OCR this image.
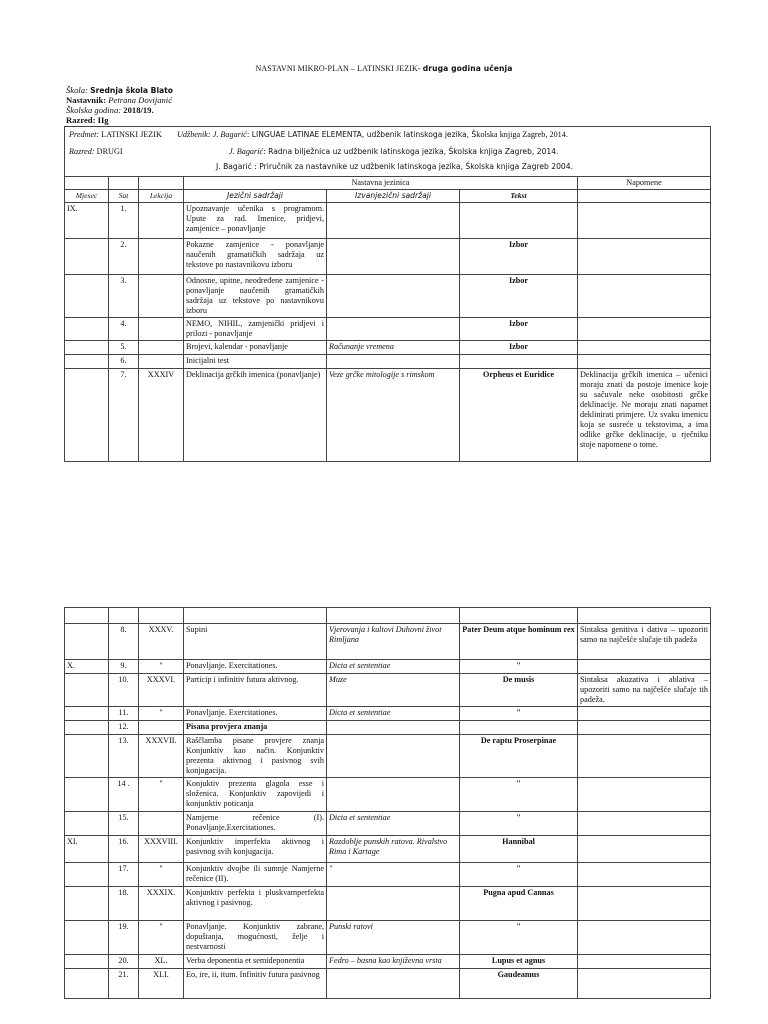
NASTAVNI MIKRO-PLAN – LATINSKI JEZIK- druga godina učenja
Škola: Srednja škola Blato
Nastavnik: Petrana Dovijanić
Školska godina: 2018/19.
Razred: IIg
Predmet: LATINSKI JEZIK Udžbenik: J. Bagarić: LINGUAE LATINAE ELEMENTA, udžbenik latinskoga jezika, Školska knjiga Zagreb, 2014.
Razred: DRUGI J. Bagarić: Radna bilježnica uz udžbenik latinskoga jezika, Školska knjiga Zagreb, 2014.
J. Bagarić : Priručnik za nastavnike uz udžbenik latinskoga jezika, Školska knjiga Zagreb 2004.						

			Nastavna jezinica			Napomene
Mjesec	Sat	Lekcija	Jezični sadržaji	Izvanjezični sadržaji	Tekst	
IX.	1.		Upoznavanje učenika s programom. Upute za rad. Imenice, pridjevi, zamjenice – ponavljanje			
	2.		Pokazne zamjenice - ponavljanje naučenih gramatičkih sadržaja uz tekstove po nastavnikovu izboru		Izbor	
	3.		Odnosne, upitne, neodređene zamjenice - ponavljanje naučenih gramatičkih sadržaja uz tekstove po nastavnikovu izboru		Izbor	
	4.		NEMO, NIHIL, zamjenički pridjevi i prilozi - ponavljanje		Izbor	
	5.		Brojevi, kalendar - ponavljanje	Računanje vremena	Izbor	
	6.		Inicijalni test			
	7.	XXXIV	Deklinacija grčkih imenica (ponavljanje)	Veze grčke mitologije s rimskom	Orpheus et Euridice	Deklinacija grčkih imenica – učenici moraju znati da postoje imenice koje su sačuvale neke osobitosti grčke deklinacije. Ne moraju znati napamet deklinirati primjere. Uz svaku imenicu koja se susreće u tekstovima, a ima odlike grčke deklinacije, u rječniku stoje napomene o tome.

	8.	XXXV.	Supini	Vjerovanja i kultovi Duhovni život Rimljana	Pater Deum atque hominum rex	Sintaksa genitiva i dativa – upozoriti samo na najčešće slučaje tih padeža
X.	9.	"	Ponavljanje. Exercitationes.	Dicta et sententiae	"	
	10.	XXXVI.	Particip i infinitiv futura aktivnog.	Muze	De musis	Sintaksa akuzativa i ablativa – upozoriti samo na najčešće slučaje tih padeža.
	11.	"	Ponavljanje. Exercitationes.	Dicta et sententiae	"	
	12.		Pisana provjera znanja			
	13.	XXXVII.	Raščlamba pisane provjere znanja Konjunktiv kao način. Konjunktiv prezenta aktivnog i pasivnog svih konjugacija.		De raptu Proserpinae	
	14 .	"	Konjuktiv prezenta glagola esse i složenica. Konjunktiv zapovijedi i konjunktiv poticanja		"	
	15.		Namjerne rečenice (I). Ponavljanje.Exercitationes.	Dicta et sententiae	"	
XI.	16.	XXXVIII.	Konjunktiv imperfekta aktivnog i pasivnog svih konjugacija.	Razdoblje punskih ratova. Rivalstvo Rima i Kartage	Hannibal	
	17.	"	Konjunktiv dvojbe ili sumnje Namjerne rečenice (II).	"	"	
	18.	XXXIX.	Konjunktiv perfekta i pluskvamperfekta aktivnog i pasivnog.		Pugna apud Cannas	
	19.	"	Ponavljanje. Konjunktiv zabrane, dopuštanja, mogućnosti, želje i nestvarnosti	Punski ratovi	"	
	20.	XL.	Verba deponentia et semideponentia	Fedro – basna kao književna vrsta	Lupus et agnus	
	21.	XLI.	Eo, ire, ii, itum. Infinitiv futura pasivnog		Gaudeamus	
